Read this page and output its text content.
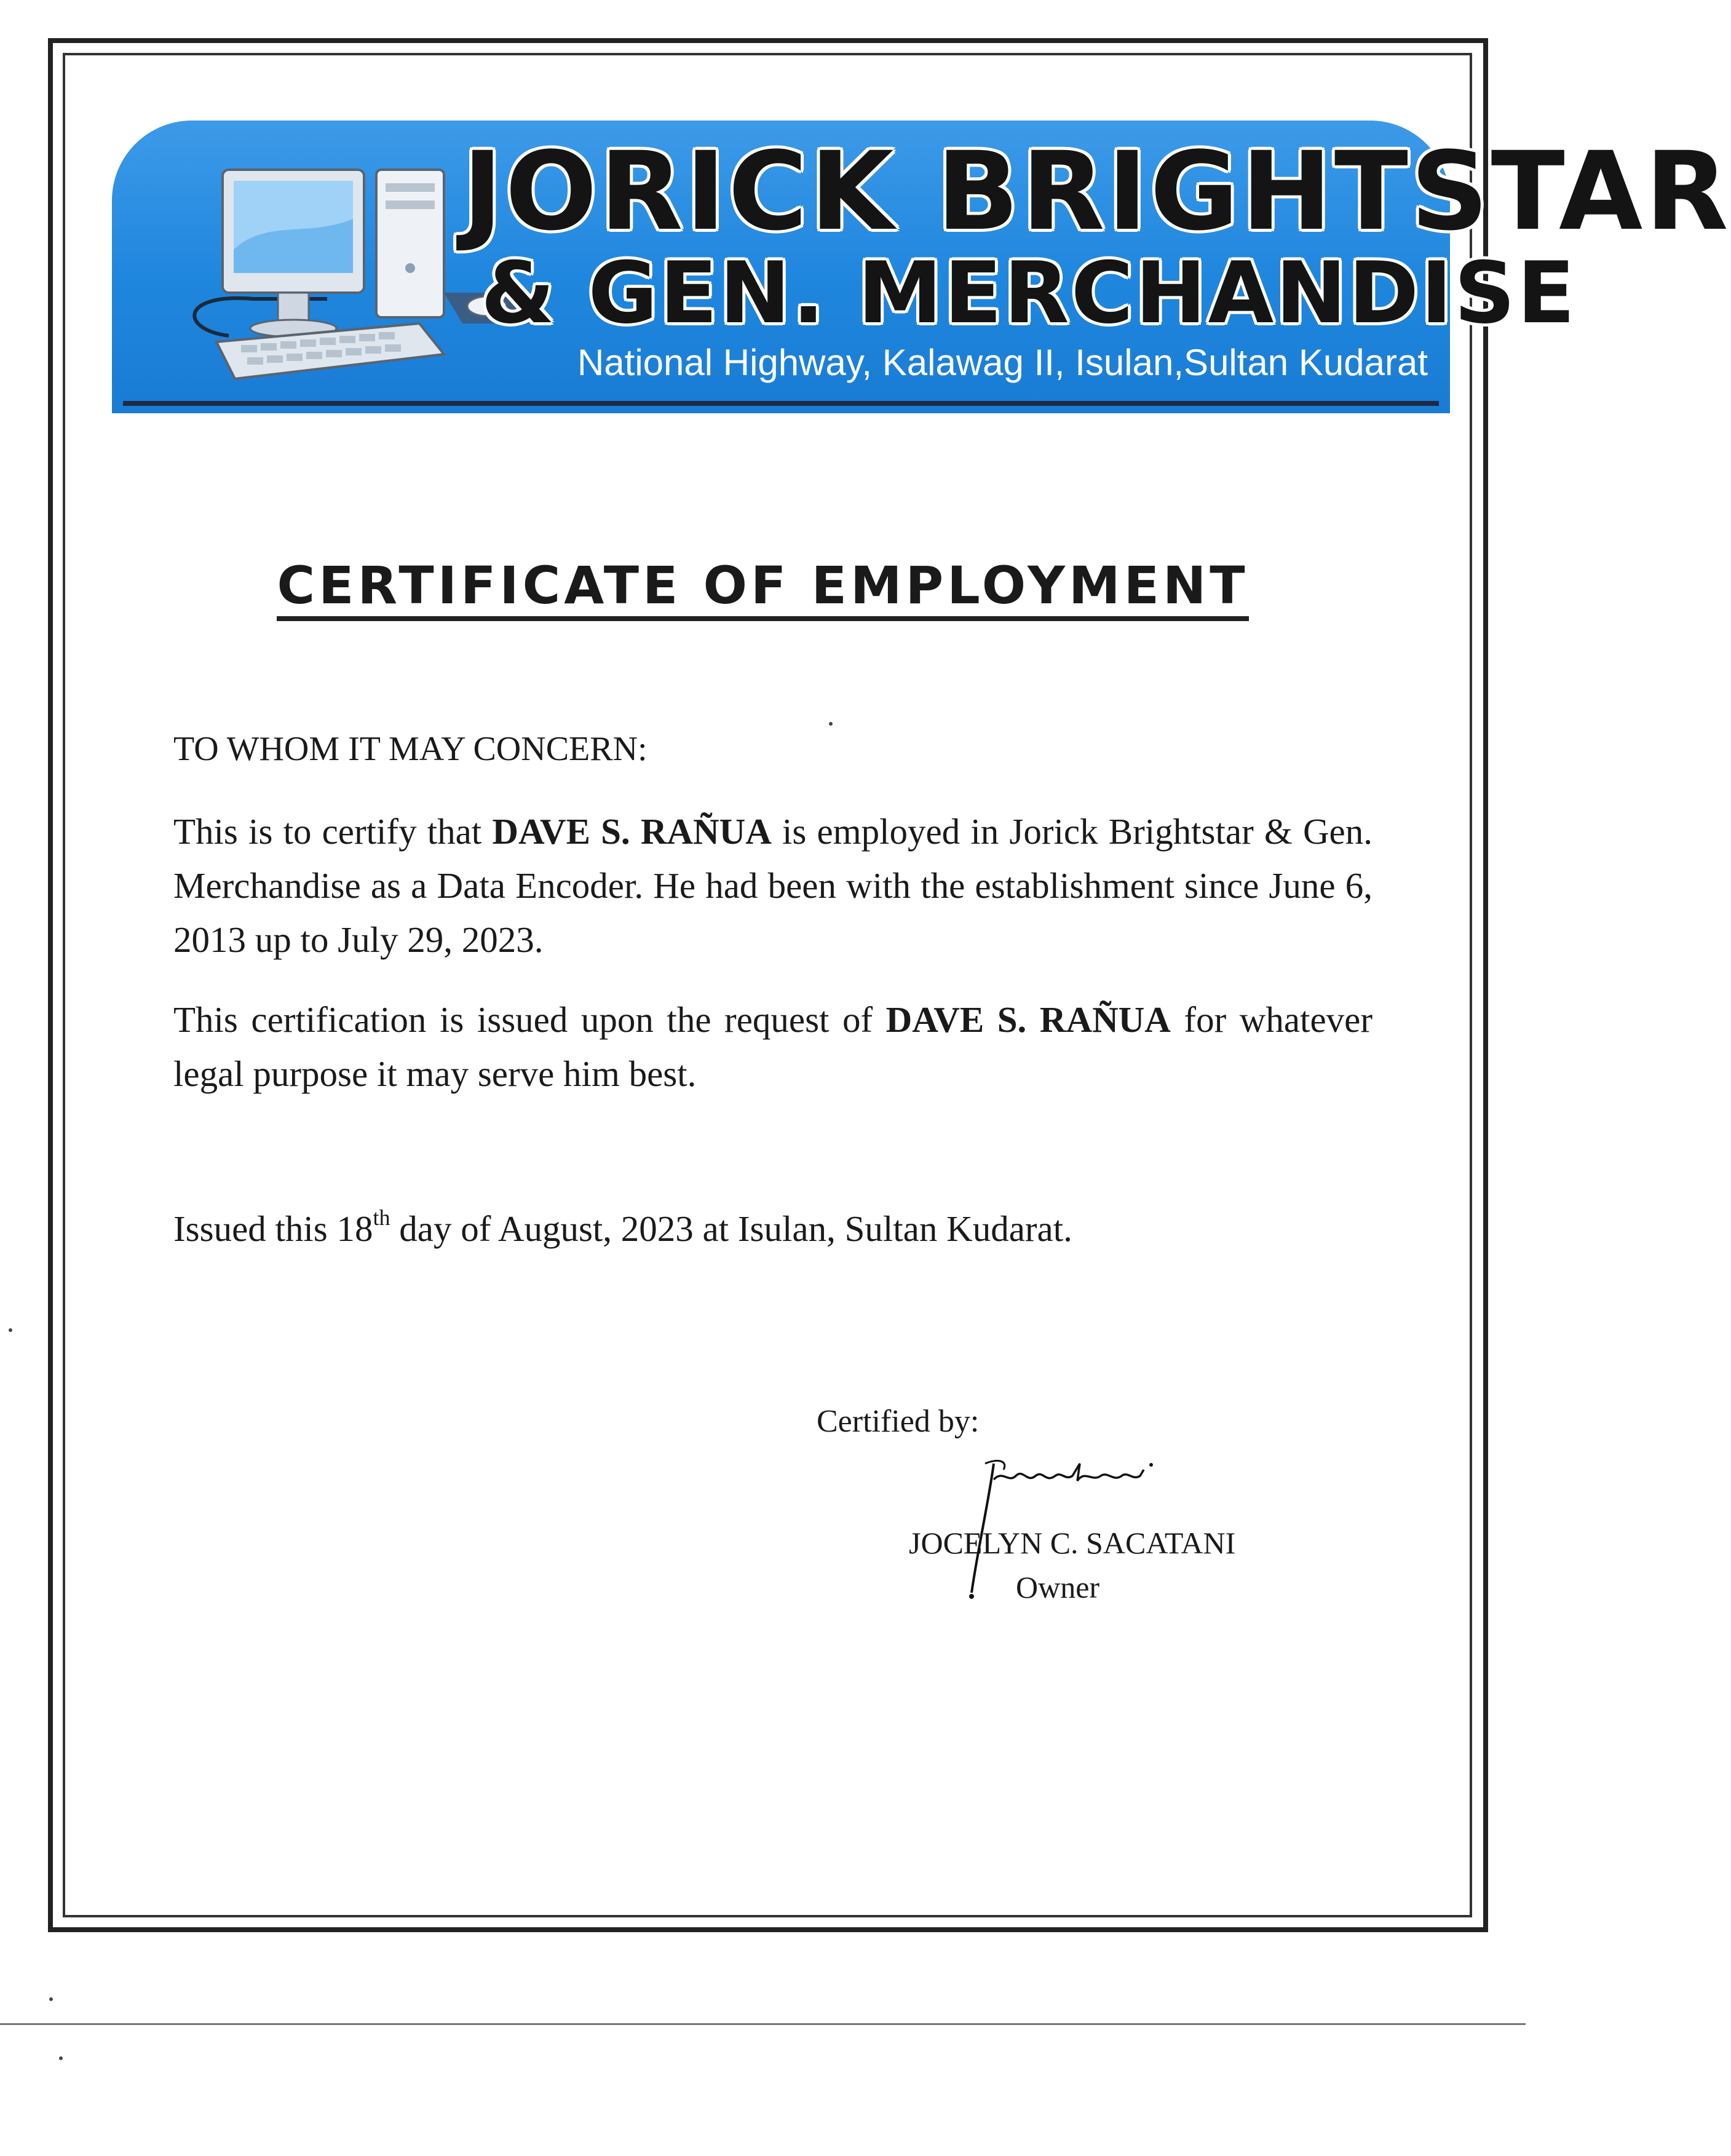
JORICK BRIGHTSTAR
& GEN. MERCHANDISE
National Highway, Kalawag II, Isulan,Sultan Kudarat
CERTIFICATE OF EMPLOYMENT
TO WHOM IT MAY CONCERN:

This is to certify that DAVE S. RAÑUA is employed in Jorick Brightstar & Gen. Merchandise as a Data Encoder. He had been with the establishment since June 6, 2013 up to July 29, 2023.

This certification is issued upon the request of DAVE S. RAÑUA for whatever legal purpose it may serve him best.

Issued this 18th day of August, 2023 at Isulan, Sultan Kudarat.
Certified by:
JOCELYN C. SACATANI
Owner
